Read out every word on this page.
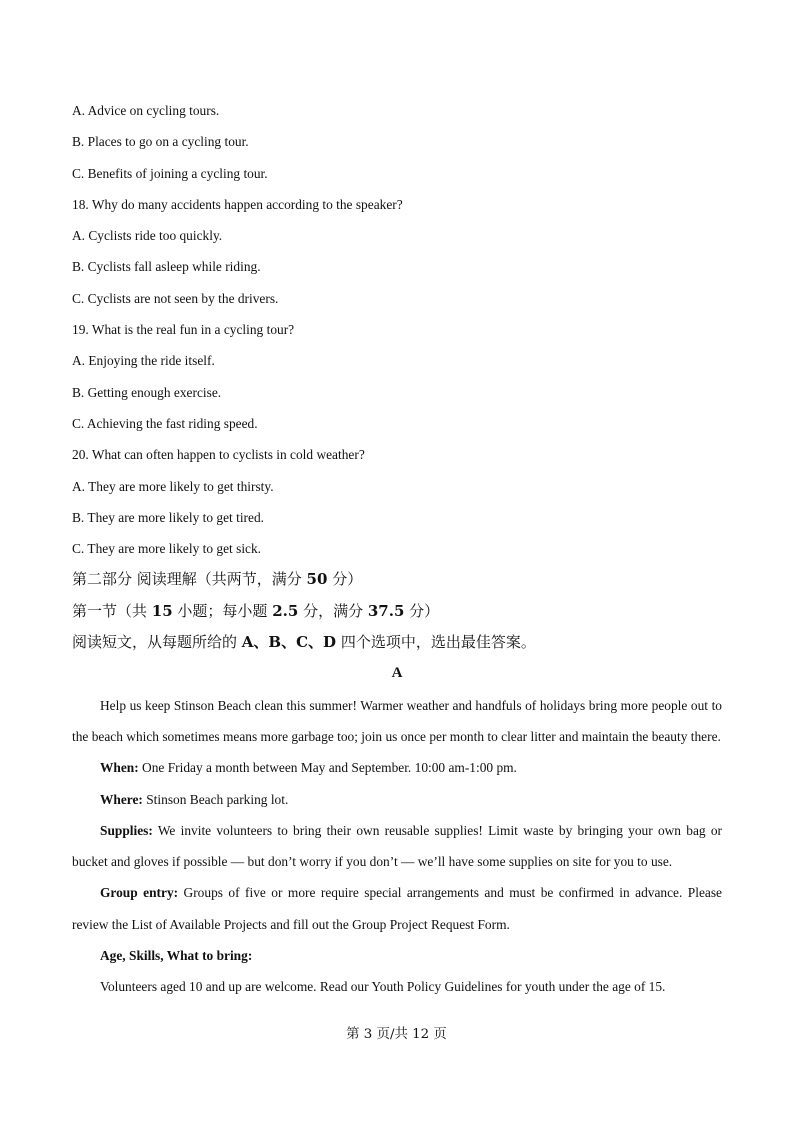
A. Advice on cycling tours.
B. Places to go on a cycling tour.
C. Benefits of joining a cycling tour.
18. Why do many accidents happen according to the speaker?
A. Cyclists ride too quickly.
B. Cyclists fall asleep while riding.
C. Cyclists are not seen by the drivers.
19. What is the real fun in a cycling tour?
A. Enjoying the ride itself.
B. Getting enough exercise.
C. Achieving the fast riding speed.
20. What can often happen to cyclists in cold weather?
A. They are more likely to get thirsty.
B. They are more likely to get tired.
C. They are more likely to get sick.
第二部分 阅读理解（共两节，满分 50 分）
第一节（共 15 小题；每小题 2.5 分，满分 37.5 分）
阅读短文，从每题所给的 A、B、C、D 四个选项中，选出最佳答案。
A
Help us keep Stinson Beach clean this summer! Warmer weather and handfuls of holidays bring more people out to the beach which sometimes means more garbage too; join us once per month to clear litter and maintain the beauty there.
When: One Friday a month between May and September. 10:00 am-1:00 pm.
Where: Stinson Beach parking lot.
Supplies: We invite volunteers to bring their own reusable supplies! Limit waste by bringing your own bag or bucket and gloves if possible — but don’t worry if you don’t — we’ll have some supplies on site for you to use.
Group entry: Groups of five or more require special arrangements and must be confirmed in advance. Please review the List of Available Projects and fill out the Group Project Request Form.
Age, Skills, What to bring:
Volunteers aged 10 and up are welcome. Read our Youth Policy Guidelines for youth under the age of 15.
第 3 页/共 12 页
